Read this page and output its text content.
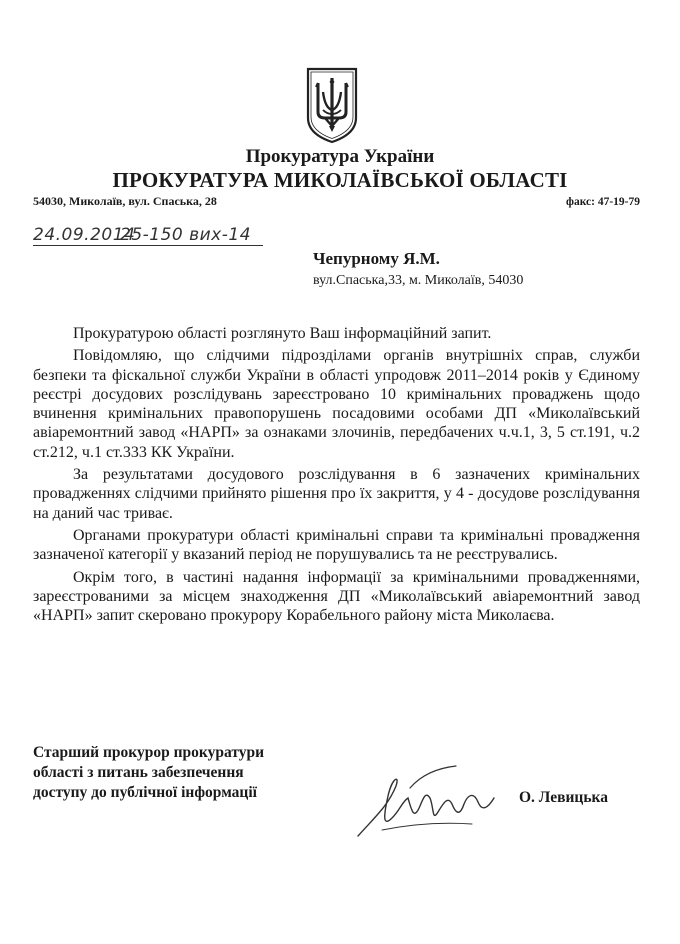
Прокуратура України
ПРОКУРАТУРА МИКОЛАЇВСЬКОЇ ОБЛАСТІ
54030, Миколаїв, вул. Спаська, 28	факс: 47-19-79
24.09.2014
25-150 вих-14
Чепурному Я.М.
вул.Спаська,33, м. Миколаїв, 54030

Прокуратурою області розглянуто Ваш інформаційний запит.

Повідомляю, що слідчими підрозділами органів внутрішніх справ, служби безпеки та фіскальної служби України в області упродовж 2011–2014 років у Єдиному реєстрі досудових розслідувань зареєстровано 10 кримінальних проваджень щодо вчинення кримінальних правопорушень посадовими особами ДП «Миколаївський авіаремонтний завод «НАРП» за ознаками злочинів, передбачених ч.ч.1, 3, 5 ст.191, ч.2 ст.212, ч.1 ст.333 КК України.

За результатами досудового розслідування в 6 зазначених кримінальних провадженнях слідчими прийнято рішення про їх закриття, у 4 - досудове розслідування на даний час триває.

Органами прокуратури області кримінальні справи та кримінальні провадження зазначеної категорії у вказаний період не порушувались та не реєструвались.

Окрім того, в частині надання інформації за кримінальними провадженнями, зареєстрованими за місцем знаходження ДП «Миколаївський авіаремонтний завод «НАРП» запит скеровано прокурору Корабельного району міста Миколаєва.

Старший прокурор прокуратури
області з питань забезпечення
доступу до публічної інформації	О. Левицька
